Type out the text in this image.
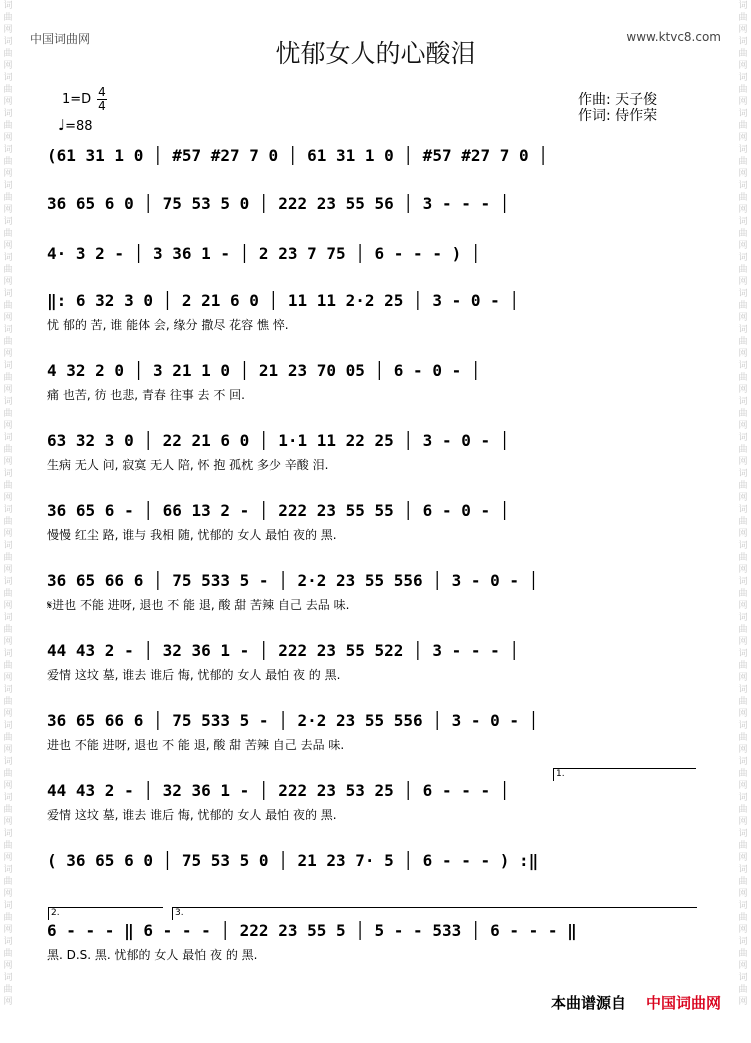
词
曲
网
词
曲
网
词
曲
网
词
曲
网
词
曲
网
词
曲
网
词
曲
网
词
曲
网
词
曲
网
词
曲
网
词
曲
网
词
曲
网
词
曲
网
词
曲
网
词
曲
网
词
曲
网
词
曲
网
词
曲
网
词
曲
网
词
曲
网
词
曲
网
词
曲
网
词
曲
网
词
曲
网
词
曲
网
词
曲
网
词
曲
网
词
曲
网
词
曲
网
词
曲
网
词
曲
网
词
曲
网
词
曲
网
词
曲
网
词
曲
网
词
曲
网
词
曲
网
词
曲
网
词
曲
网
词
曲
网
词
曲
网
词
曲
网
词
曲
网
词
曲
网
词
曲
网
词
曲
网
词
曲
网
词
曲
网
词
曲
网
词
曲
网
词
曲
网
词
曲
网
词
曲
网
词
曲
网
词
曲
网
词
曲
网
中国词曲网	www.ktvc8.com
忧郁女人的心酸泪
1=D 4
4
♩=88
作曲: 天子俊
作词: 侍作荣
(61 31 1 0 │ #57 #27 7 0 │ 61 31 1 0 │ #57 #27 7 0 │
36 65 6 0 │ 75 53 5 0 │ 222 23 55 56 │ 3 - - - │
4· 3 2 - │ 3 36 1 - │ 2 23 7 75 │ 6 - - - ) │
‖: 6 32 3 0 │ 2 21 6 0 │ 11 11 2·2 25 │ 3 - 0 - │
忧 郁的 苦, 谁 能体 会, 缘分 撒尽 花容 憔 悴.
4 32 2 0 │ 3 21 1 0 │ 21 23 70 05 │ 6 - 0 - │
痛 也苦, 彷 也悲, 青春 往事 去 不 回.
63 32 3 0 │ 22 21 6 0 │ 1·1 11 22 25 │ 3 - 0 - │
生病 无人 问, 寂寞 无人 陪, 怀 抱 孤枕 多少 辛酸 泪.
36 65 6 - │ 66 13 2 - │ 222 23 55 55 │ 6 - 0 - │
慢慢 红尘 路, 谁与 我相 随, 忧郁的 女人 最怕 夜的 黑.
36 65 66 6 │ 75 533 5 - │ 2·2 23 55 556 │ 3 - 0 - │
𝄋进也 不能 进呀, 退也 不 能 退, 酸 甜 苦辣 自己 去品 味.
44 43 2 - │ 32 36 1 - │ 222 23 55 522 │ 3 - - - │
爱情 这坟 墓, 谁去 谁后 悔, 忧郁的 女人 最怕 夜 的 黑.
36 65 66 6 │ 75 533 5 - │ 2·2 23 55 556 │ 3 - 0 - │
进也 不能 进呀, 退也 不 能 退, 酸 甜 苦辣 自己 去品 味.
44 43 2 - │ 32 36 1 - │ 222 23 53 25 │ 6 - - - │
爱情 这坟 墓, 谁去 谁后 悔, 忧郁的 女人 最怕 夜的 黑.
( 36 65 6 0 │ 75 53 5 0 │ 21 23 7· 5 │ 6 - - - ) :‖
6 - - - ‖ 6 - - - │ 222 23 55 5 │ 5 - - 533 │ 6 - - - ‖
黑. D.S. 黑. 忧郁的 女人 最怕 夜 的 黑.
1.
2.	3.
本曲谱源自 中国词曲网
